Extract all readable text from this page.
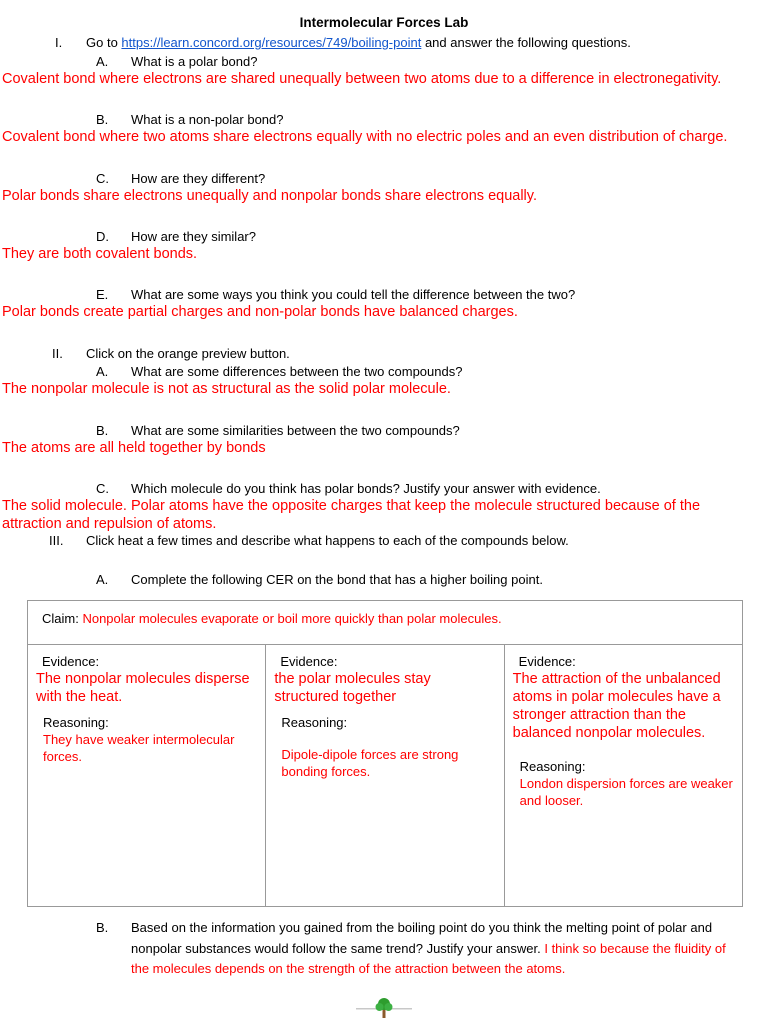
Intermolecular Forces Lab
I. Go to https://learn.concord.org/resources/749/boiling-point and answer the following questions.
A. What is a polar bond?
Covalent bond where electrons are shared unequally between two atoms due to a difference in electronegativity.
B. What is a non-polar bond?
Covalent bond where two atoms share electrons equally with no electric poles and an even distribution of charge.
C. How are they different?
Polar bonds share electrons unequally and nonpolar bonds share electrons equally.
D. How are they similar?
They are both covalent bonds.
E. What are some ways you think you could tell the difference between the two?
Polar bonds create partial charges and non-polar bonds have balanced charges.
II. Click on the orange preview button.
A. What are some differences between the two compounds?
The nonpolar molecule is not as structural as the solid polar molecule.
B. What are some similarities between the two compounds?
The atoms are all held together by bonds
C. Which molecule do you think has polar bonds? Justify your answer with evidence.
The solid molecule. Polar atoms have the opposite charges that keep the molecule structured because of the attraction and repulsion of atoms.
III. Click heat a few times and describe what happens to each of the compounds below.
A. Complete the following CER on the bond that has a higher boiling point.
Claim: Nonpolar molecules evaporate or boil more quickly than polar molecules.

Evidence:
The nonpolar molecules disperse with the heat.
Reasoning:
They have weaker intermolecular forces.

Evidence:
the polar molecules stay structured together
Reasoning:
Dipole-dipole forces are strong bonding forces.

Evidence:
The attraction of the unbalanced atoms in polar molecules have a stronger attraction than the balanced nonpolar molecules.
Reasoning:
London dispersion forces are weaker and looser.
B. Based on the information you gained from the boiling point do you think the melting point of polar and nonpolar substances would follow the same trend? Justify your answer. I think so because the fluidity of the molecules depends on the strength of the attraction between the atoms.
